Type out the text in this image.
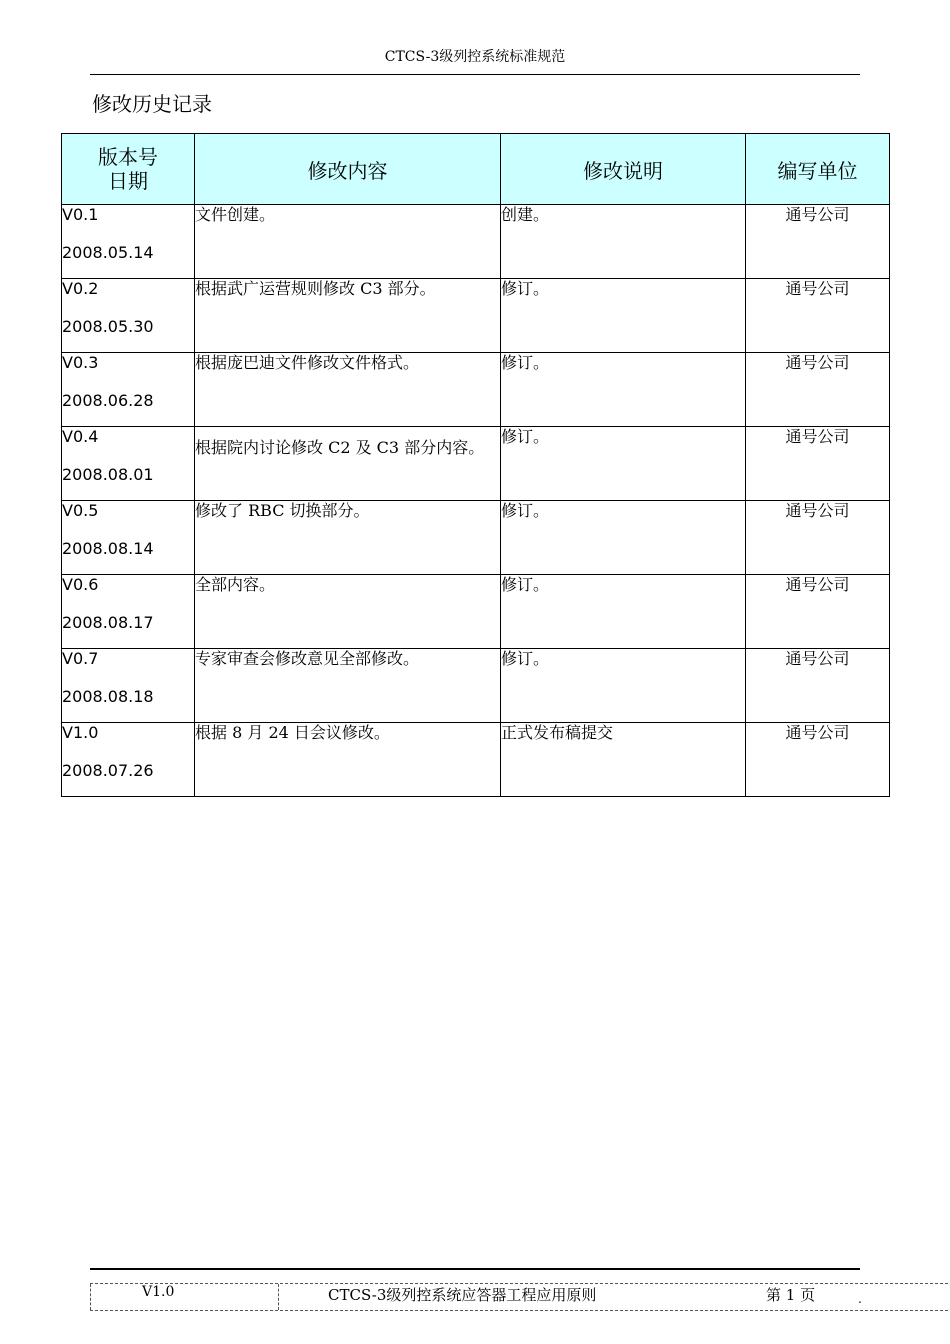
CTCS-3级列控系统标准规范
修改历史记录
版本号
日期	修改内容	修改说明	编写单位

V0.1
2008.05.14	文件创建。	创建。	通号公司

V0.2
2008.05.30	根据武广运营规则修改 C3 部分。	修订。	通号公司

V0.3
2008.06.28	根据庞巴迪文件修改文件格式。	修订。	通号公司

V0.4
2008.08.01	根据院内讨论修改 C2 及 C3 部分内容。	修订。	通号公司

V0.5
2008.08.14	修改了 RBC 切换部分。	修订。	通号公司

V0.6
2008.08.17	全部内容。	修订。	通号公司

V0.7
2008.08.18	专家审查会修改意见全部修改。	修订。	通号公司

V1.0
2008.07.26	根据 8 月 24 日会议修改。	正式发布稿提交	通号公司
V1.0	CTCS-3级列控系统应答器工程应用原则	第 1 页	.
